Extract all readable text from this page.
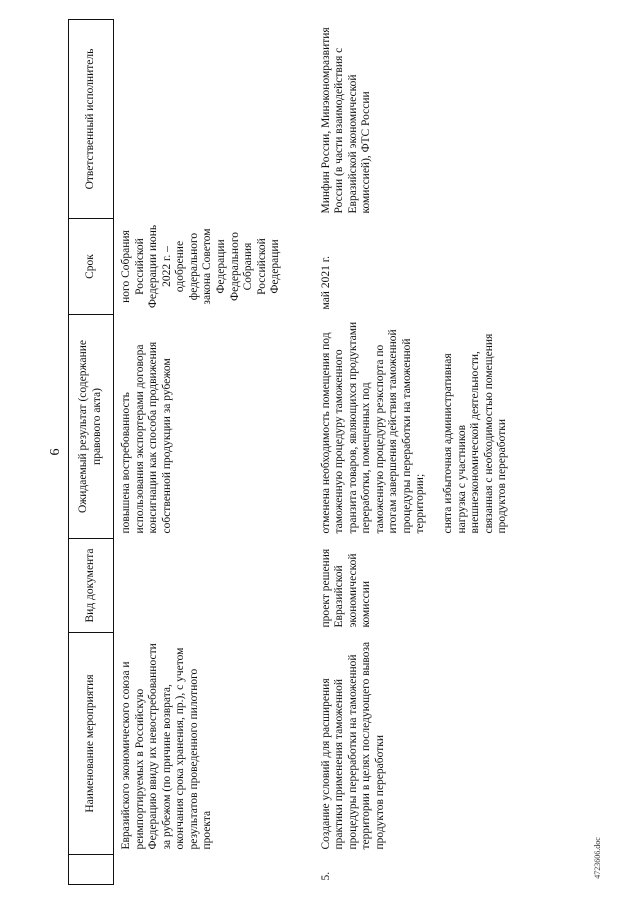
6
4723606.doc
	Наименование мероприятия	Вид документа	Ожидаемый результат (содержание правового акта)	Срок	Ответственный исполнитель
	Евразийского экономического союза и реимпортируемых в Российскую Федерацию ввиду их невостребованности за рубежом (по причине возврата, окончания срока хранения, пр.), с учетом результатов проведенного пилотного проекта		повышена востребованность использования экспортерами договора консигнации как способа продвижения собственной продукции за рубежом	ного Собрания Российской Федерации июнь 2022 г. – одобрение федерального закона Советом Федерации Федерального Собрания Российской Федерации	
5.	Создание условий для расширения практики применения таможенной процедуры переработки на таможенной территории в целях последующего вывоза продуктов переработки	проект решения Евразийской экономической комиссии	отменена необходимость помещения под таможенную процедуру таможенного транзита товаров, являющихся продуктами переработки, помещенных под таможенную процедуру реэкспорта по итогам завершения действия таможенной процедуры переработки на таможенной территории; снята избыточная административная нагрузка с участников внешнеэкономической деятельности, связанная с необходимостью помещения продуктов переработки	май 2021 г.	Минфин России, Минэкономразвития России (в части взаимодействия с Евразийской экономической комиссией), ФТС России
